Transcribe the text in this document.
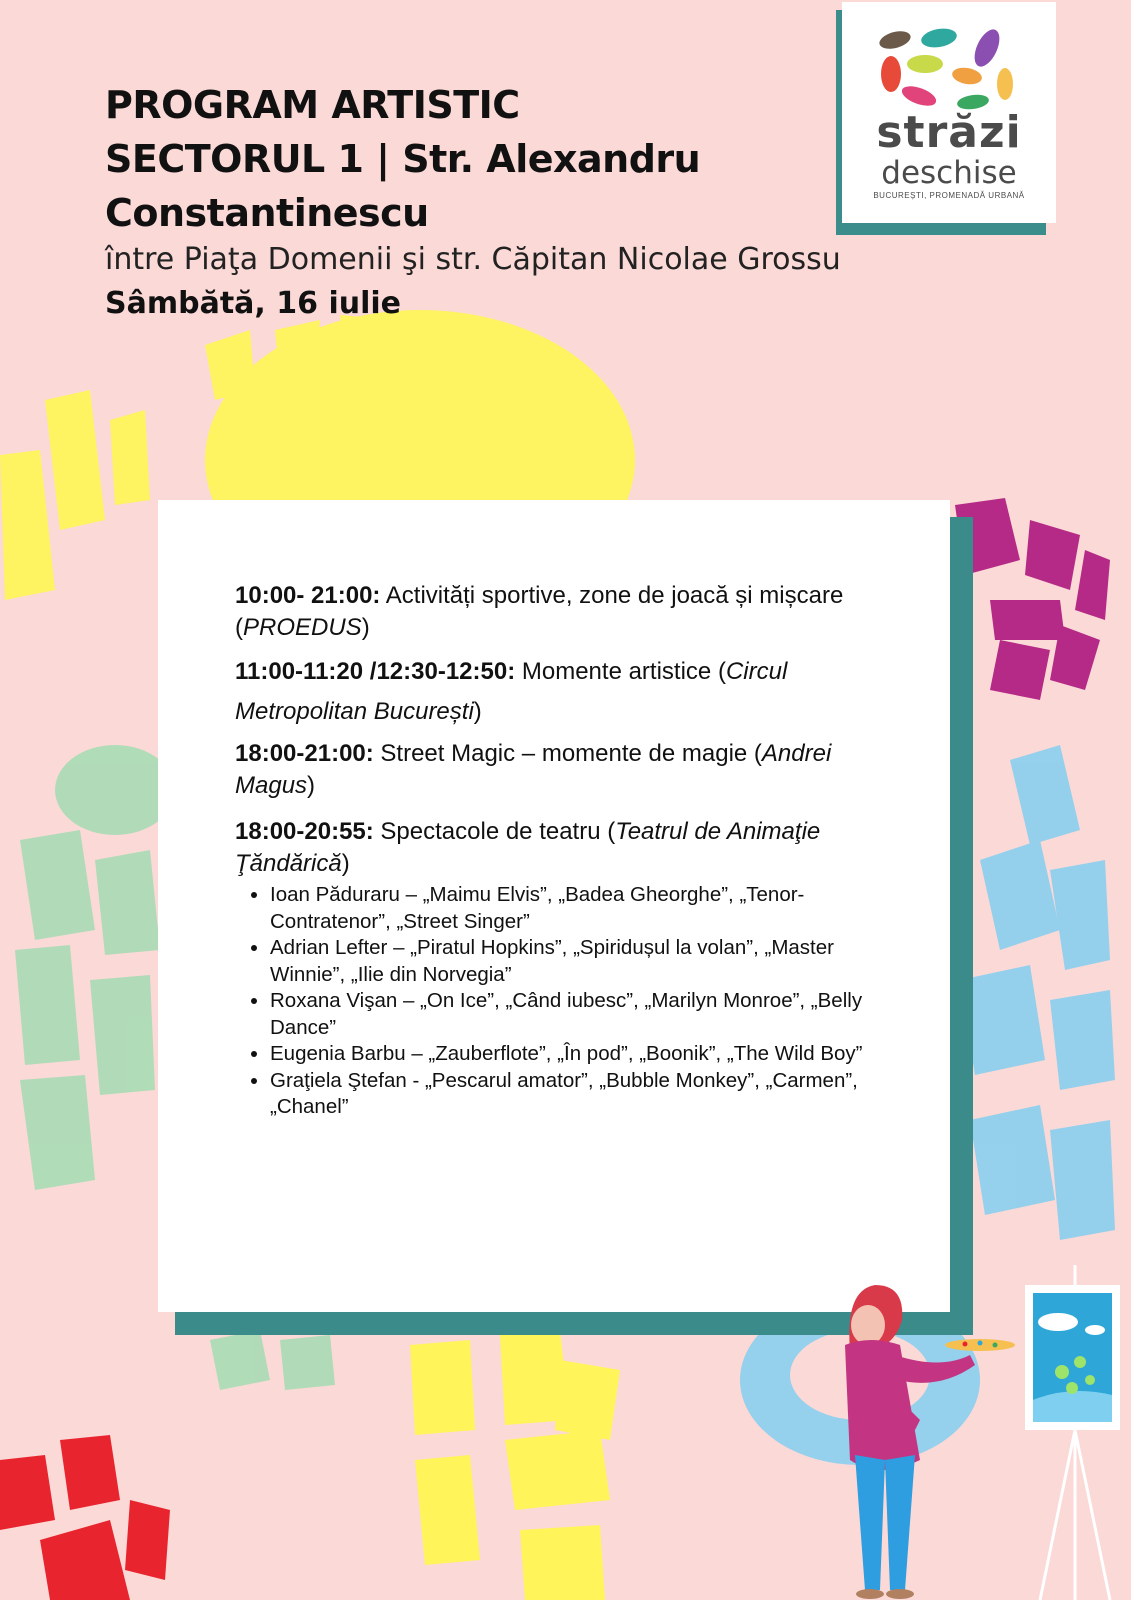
PROGRAM ARTISTIC
SECTORUL 1 | Str. Alexandru
Constantinescu
între Piaţa Domenii şi str. Căpitan Nicolae Grossu
Sâmbătă, 16 iulie
străzi
deschise
BUCUREȘTI, PROMENADĂ URBANĂ
10:00- 21:00: Activități sportive, zone de joacă și mișcare (PROEDUS)
11:00-11:20 /12:30-12:50: Momente artistice (Circul Metropolitan București)
18:00-21:00: Street Magic – momente de magie (Andrei Magus)
18:00-20:55: Spectacole de teatru (Teatrul de Animaţie Ţăndărică)
• Ioan Păduraru – „Maimu Elvis”, „Badea Gheorghe”, „Tenor-Contratenor”, „Street Singer”
• Adrian Lefter – „Piratul Hopkins”, „Spiridușul la volan”, „Master Winnie”, „Ilie din Norvegia”
• Roxana Vişan – „On Ice”, „Când iubesc”, „Marilyn Monroe”, „Belly Dance”
• Eugenia Barbu – „Zauberflote”, „În pod”, „Boonik”, „The Wild Boy”
• Graţiela Ştefan - „Pescarul amator”, „Bubble Monkey”, „Carmen”, „Chanel”
